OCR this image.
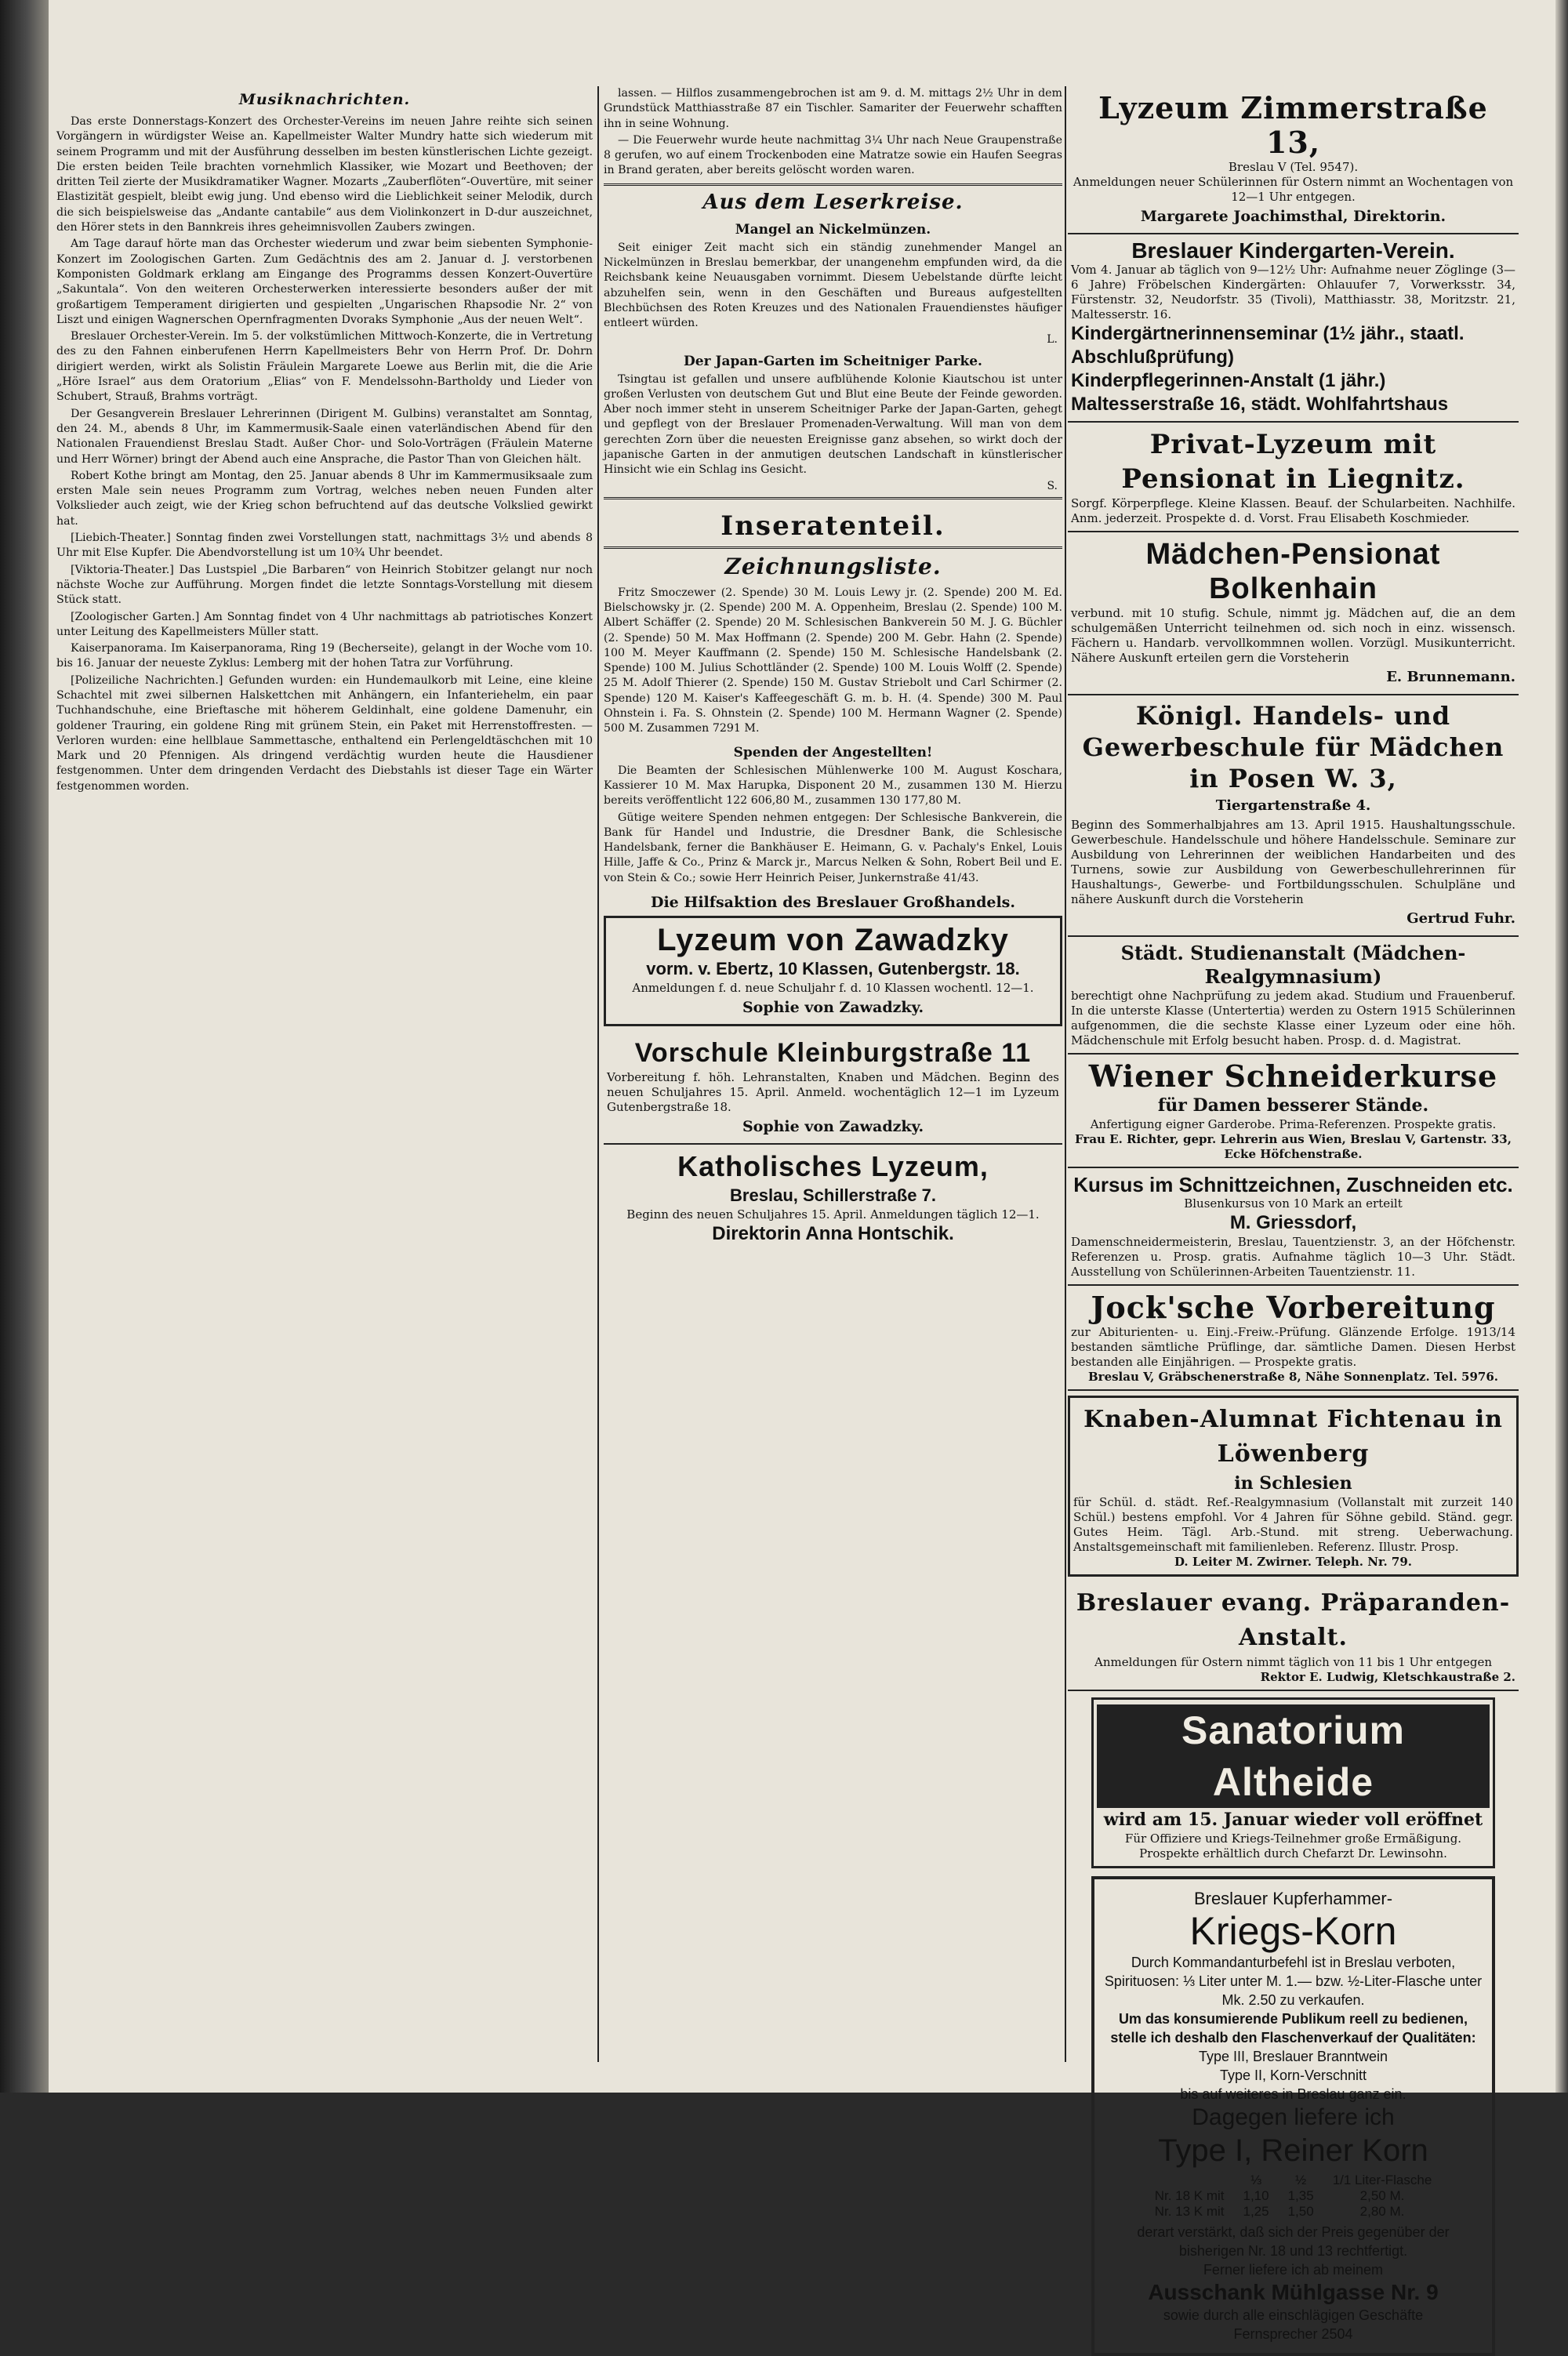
Musiknachrichten.

Das erste Donnerstags-Konzert des Orchester-Vereins im neuen Jahre reihte sich seinen Vorgängern in würdigster Weise an. Kapellmeister Walter Mundry hatte sich wiederum mit seinem Programm und mit der Ausführung desselben im besten künstlerischen Lichte gezeigt. Die ersten beiden Teile brachten vornehmlich Klassiker, wie Mozart und Beethoven; der dritten Teil zierte der Musikdramatiker Wagner. Mozarts „Zauberflöten“-Ouvertüre, mit seiner Elastizität gespielt, bleibt ewig jung. Und ebenso wird die Lieblichkeit seiner Melodik, durch die sich beispielsweise das „Andante cantabile“ aus dem Violinkonzert in D-dur auszeichnet, den Hörer stets in den Bannkreis ihres geheimnisvollen Zaubers zwingen.

Am Tage darauf hörte man das Orchester wiederum und zwar beim siebenten Symphonie-Konzert im Zoologischen Garten. Zum Gedächtnis des am 2. Januar d. J. verstorbenen Komponisten Goldmark erklang am Eingange des Programms dessen Konzert-Ouvertüre „Sakuntala“. Von den weiteren Orchesterwerken interessierte besonders außer der mit großartigem Temperament dirigierten und gespielten „Ungarischen Rhapsodie Nr. 2“ von Liszt und einigen Wagnerschen Opernfragmenten Dvoraks Symphonie „Aus der neuen Welt“.

Breslauer Orchester-Verein. Im 5. der volkstümlichen Mittwoch-Konzerte, die in Vertretung des zu den Fahnen einberufenen Herrn Kapellmeisters Behr von Herrn Prof. Dr. Dohrn dirigiert werden, wirkt als Solistin Fräulein Margarete Loewe aus Berlin mit, die die Arie „Höre Israel“ aus dem Oratorium „Elias“ von F. Mendelssohn-Bartholdy und Lieder von Schubert, Strauß, Brahms vorträgt.

Der Gesangverein Breslauer Lehrerinnen (Dirigent M. Gulbins) veranstaltet am Sonntag, den 24. M., abends 8 Uhr, im Kammermusik-Saale einen vaterländischen Abend für den Nationalen Frauendienst Breslau Stadt. Außer Chor- und Solo-Vorträgen (Fräulein Materne und Herr Wörner) bringt der Abend auch eine Ansprache, die Pastor Than von Gleichen hält.

Robert Kothe bringt am Montag, den 25. Januar abends 8 Uhr im Kammermusiksaale zum ersten Male sein neues Programm zum Vortrag, welches neben neuen Funden alter Volkslieder auch zeigt, wie der Krieg schon befruchtend auf das deutsche Volkslied gewirkt hat.

[Liebich-Theater.] Sonntag finden zwei Vorstellungen statt, nachmittags 3½ und abends 8 Uhr mit Else Kupfer. Die Abendvorstellung ist um 10¾ Uhr beendet.

[Viktoria-Theater.] Das Lustspiel „Die Barbaren“ von Heinrich Stobitzer gelangt nur noch nächste Woche zur Aufführung. Morgen findet die letzte Sonntags-Vorstellung mit diesem Stück statt.

[Zoologischer Garten.] Am Sonntag findet von 4 Uhr nachmittags ab patriotisches Konzert unter Leitung des Kapellmeisters Müller statt.

Kaiserpanorama. Im Kaiserpanorama, Ring 19 (Becherseite), gelangt in der Woche vom 10. bis 16. Januar der neueste Zyklus: Lemberg mit der hohen Tatra zur Vorführung.

[Polizeiliche Nachrichten.] Gefunden wurden: ein Hundemaulkorb mit Leine, eine kleine Schachtel mit zwei silbernen Halskettchen mit Anhängern, ein Infanteriehelm, ein paar Tuchhandschuhe, eine Brieftasche mit höherem Geldinhalt, eine goldene Damenuhr, ein goldener Trauring, ein goldene Ring mit grünem Stein, ein Paket mit Herrenstoffresten. — Verloren wurden: eine hellblaue Sammettasche, enthaltend ein Perlengeldtäschchen mit 10 Mark und 20 Pfennigen. Als dringend verdächtig wurden heute die Hausdiener festgenommen. Unter dem dringenden Verdacht des Diebstahls ist dieser Tage ein Wärter festgenommen worden.

lassen. — Hilflos zusammengebrochen ist am 9. d. M. mittags 2½ Uhr in dem Grundstück Matthiasstraße 87 ein Tischler. Samariter der Feuerwehr schafften ihn in seine Wohnung.

— Die Feuerwehr wurde heute nachmittag 3¼ Uhr nach Neue Graupenstraße 8 gerufen, wo auf einem Trockenboden eine Matratze sowie ein Haufen Seegras in Brand geraten, aber bereits gelöscht worden waren.

Aus dem Leserkreise.
Mangel an Nickelmünzen.

Seit einiger Zeit macht sich ein ständig zunehmender Mangel an Nickelmünzen in Breslau bemerkbar, der unangenehm empfunden wird, da die Reichsbank keine Neuausgaben vornimmt. Diesem Uebelstande dürfte leicht abzuhelfen sein, wenn in den Geschäften und Bureaus aufgestellten Blechbüchsen des Roten Kreuzes und des Nationalen Frauendienstes häufiger entleert würden.

L.
Der Japan-Garten im Scheitniger Parke.

Tsingtau ist gefallen und unsere aufblühende Kolonie Kiautschou ist unter großen Verlusten von deutschem Gut und Blut eine Beute der Feinde geworden. Aber noch immer steht in unserem Scheitniger Parke der Japan-Garten, gehegt und gepflegt von der Breslauer Promenaden-Verwaltung. Will man von dem gerechten Zorn über die neuesten Ereignisse ganz absehen, so wirkt doch der japanische Garten in der anmutigen deutschen Landschaft in künstlerischer Hinsicht wie ein Schlag ins Gesicht.

S.
Inseratenteil.
Zeichnungsliste.

Fritz Smoczewer (2. Spende) 30 M. Louis Lewy jr. (2. Spende) 200 M. Ed. Bielschowsky jr. (2. Spende) 200 M. A. Oppenheim, Breslau (2. Spende) 100 M. Albert Schäffer (2. Spende) 20 M. Schlesischen Bankverein 50 M. J. G. Büchler (2. Spende) 50 M. Max Hoffmann (2. Spende) 200 M. Gebr. Hahn (2. Spende) 100 M. Meyer Kauffmann (2. Spende) 150 M. Schlesische Handelsbank (2. Spende) 100 M. Julius Schottländer (2. Spende) 100 M. Louis Wolff (2. Spende) 25 M. Adolf Thierer (2. Spende) 150 M. Gustav Striebolt und Carl Schirmer (2. Spende) 120 M. Kaiser's Kaffeegeschäft G. m. b. H. (4. Spende) 300 M. Paul Ohnstein i. Fa. S. Ohnstein (2. Spende) 100 M. Hermann Wagner (2. Spende) 500 M. Zusammen 7291 M.

Spenden der Angestellten!

Die Beamten der Schlesischen Mühlenwerke 100 M. August Koschara, Kassierer 10 M. Max Harupka, Disponent 20 M., zusammen 130 M. Hierzu bereits veröffentlicht 122 606,80 M., zusammen 130 177,80 M.

Gütige weitere Spenden nehmen entgegen: Der Schlesische Bankverein, die Bank für Handel und Industrie, die Dresdner Bank, die Schlesische Handelsbank, ferner die Bankhäuser E. Heimann, G. v. Pachaly's Enkel, Louis Hille, Jaffe & Co., Prinz & Marck jr., Marcus Nelken & Sohn, Robert Beil und E. von Stein & Co.; sowie Herr Heinrich Peiser, Junkernstraße 41/43.

Die Hilfsaktion des Breslauer Großhandels.
Lyzeum von Zawadzky
vorm. v. Ebertz, 10 Klassen, Gutenbergstr. 18.
Anmeldungen f. d. neue Schuljahr f. d. 10 Klassen wochentl. 12—1.
Sophie von Zawadzky.
Vorschule Kleinburgstraße 11
Vorbereitung f. höh. Lehranstalten, Knaben und Mädchen. Beginn des neuen Schuljahres 15. April. Anmeld. wochentäglich 12—1 im Lyzeum Gutenbergstraße 18.
Sophie von Zawadzky.
Katholisches Lyzeum,
Breslau, Schillerstraße 7.
Beginn des neuen Schuljahres 15. April. Anmeldungen täglich 12—1.
Direktorin Anna Hontschik.
Lyzeum Zimmerstraße 13,
Breslau V (Tel. 9547).
Anmeldungen neuer Schülerinnen für Ostern nimmt an Wochentagen von 12—1 Uhr entgegen.
Margarete Joachimsthal, Direktorin.
Breslauer Kindergarten-Verein.
Vom 4. Januar ab täglich von 9—12½ Uhr: Aufnahme neuer Zöglinge (3—6 Jahre) Fröbelschen Kindergärten: Ohlauufer 7, Vorwerksstr. 34, Fürstenstr. 32, Neudorfstr. 35 (Tivoli), Matthiasstr. 38, Moritzstr. 21, Maltesserstr. 16.
Kindergärtnerinnenseminar (1½ jähr., staatl. Abschlußprüfung)
Kinderpflegerinnen-Anstalt (1 jähr.)
Maltesserstraße 16, städt. Wohlfahrtshaus
Privat-Lyzeum mit Pensionat in Liegnitz.
Sorgf. Körperpflege. Kleine Klassen. Beauf. der Schularbeiten. Nachhilfe. Anm. jederzeit. Prospekte d. d. Vorst. Frau Elisabeth Koschmieder.
Mädchen-Pensionat Bolkenhain
verbund. mit 10 stufig. Schule, nimmt jg. Mädchen auf, die an dem schulgemäßen Unterricht teilnehmen od. sich noch in einz. wissensch. Fächern u. Handarb. vervollkommnen wollen. Vorzügl. Musikunterricht. Nähere Auskunft erteilen gern die Vorsteherin
E. Brunnemann.
Königl. Handels- und Gewerbeschule für Mädchen in Posen W. 3,
Tiergartenstraße 4.
Beginn des Sommerhalbjahres am 13. April 1915. Haushaltungsschule. Gewerbeschule. Handelsschule und höhere Handelsschule. Seminare zur Ausbildung von Lehrerinnen der weiblichen Handarbeiten und des Turnens, sowie zur Ausbildung von Gewerbeschullehrerinnen für Haushaltungs-, Gewerbe- und Fortbildungsschulen. Schulpläne und nähere Auskunft durch die Vorsteherin
Gertrud Fuhr.
Städt. Studienanstalt (Mädchen-Realgymnasium)
berechtigt ohne Nachprüfung zu jedem akad. Studium und Frauenberuf. In die unterste Klasse (Untertertia) werden zu Ostern 1915 Schülerinnen aufgenommen, die die sechste Klasse einer Lyzeum oder eine höh. Mädchenschule mit Erfolg besucht haben. Prosp. d. d. Magistrat.
Wiener Schneiderkurse
für Damen besserer Stände.
Anfertigung eigner Garderobe. Prima-Referenzen. Prospekte gratis.
Frau E. Richter, gepr. Lehrerin aus Wien, Breslau V, Gartenstr. 33, Ecke Höfchenstraße.
Kursus im Schnittzeichnen, Zuschneiden etc.
Blusenkursus von 10 Mark an erteilt
M. Griessdorf,
Damenschneidermeisterin, Breslau, Tauentzienstr. 3, an der Höfchenstr. Referenzen u. Prosp. gratis. Aufnahme täglich 10—3 Uhr. Städt. Ausstellung von Schülerinnen-Arbeiten Tauentzienstr. 11.
Jock'sche Vorbereitung
zur Abiturienten- u. Einj.-Freiw.-Prüfung. Glänzende Erfolge. 1913/14 bestanden sämtliche Prüflinge, dar. sämtliche Damen. Diesen Herbst bestanden alle Einjährigen. — Prospekte gratis.
Breslau V, Gräbschenerstraße 8, Nähe Sonnenplatz. Tel. 5976.
Knaben-Alumnat Fichtenau in Löwenberg
in Schlesien
für Schül. d. städt. Ref.-Realgymnasium (Vollanstalt mit zurzeit 140 Schül.) bestens empfohl. Vor 4 Jahren für Söhne gebild. Ständ. gegr. Gutes Heim. Tägl. Arb.-Stund. mit streng. Ueberwachung. Anstaltsgemeinschaft mit familienleben. Referenz. Illustr. Prosp.
D. Leiter M. Zwirner. Teleph. Nr. 79.
Breslauer evang. Präparanden-Anstalt.
Anmeldungen für Ostern nimmt täglich von 11 bis 1 Uhr entgegen
Rektor E. Ludwig, Kletschkaustraße 2.
Sanatorium Altheide
wird am 15. Januar wieder voll eröffnet
Für Offiziere und Kriegs-Teilnehmer große Ermäßigung. Prospekte erhältlich durch Chefarzt Dr. Lewinsohn.
Breslauer Kupferhammer-
Kriegs-Korn
Durch Kommandanturbefehl ist in Breslau verboten, Spirituosen: ⅓ Liter unter M. 1.— bzw. ½-Liter-Flasche unter Mk. 2.50 zu verkaufen.
Um das konsumierende Publikum reell zu bedienen, stelle ich deshalb den Flaschenverkauf der Qualitäten:
Type III, Breslauer Branntwein
Type II, Korn-Verschnitt
bis auf weiteres in Breslau ganz ein.
Dagegen liefere ich
Type I, Reiner Korn
	⅓	½	1/1 Liter-Flasche
Nr. 18 K mit	1,10	1,35	2,50 M.
Nr. 13 K mit	1,25	1,50	2,80 M.
derart verstärkt, daß sich der Preis gegenüber der bisherigen Nr. 18 und 13 rechtfertigt.
Ferner liefere ich ab meinem
Ausschank Mühlgasse Nr. 9
sowie durch alle einschlägigen Geschäfte
Fernsprecher 2504
